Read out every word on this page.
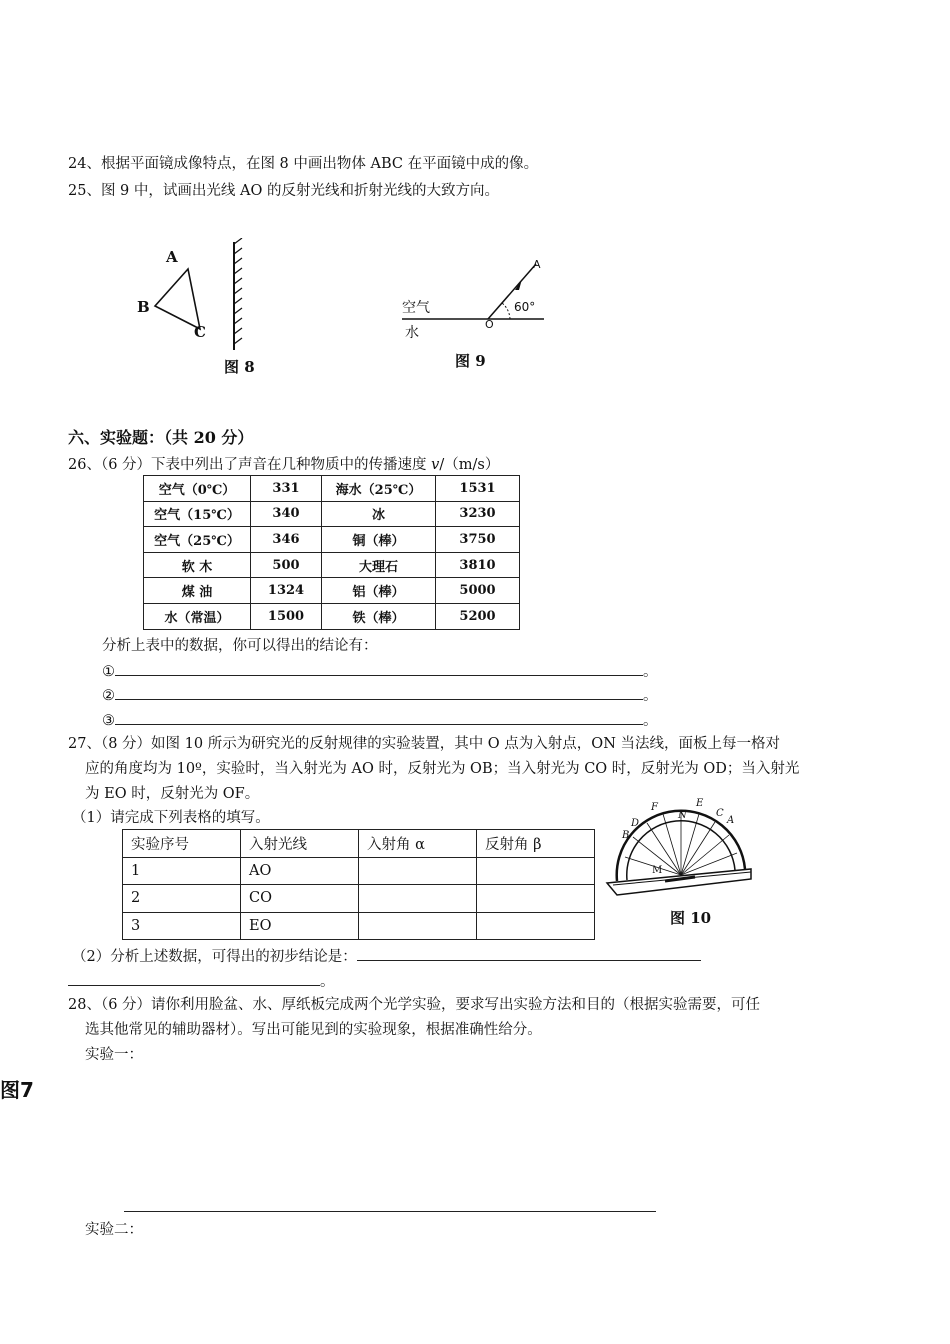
24、根据平面镜成像特点，在图 8 中画出物体 ABC 在平面镜中成的像。
25、图 9 中，试画出光线 AO 的反射光线和折射光线的大致方向。
A
B
C
图 8
空气
水
A
O
60°
图 9
六、实验题：（共 20 分）
26、（6 分）下表中列出了声音在几种物质中的传播速度 v/（m/s）
空气（0℃）	331	海水（25℃）	1531
空气（15℃）	340	冰	3230
空气（25℃）	346	铜（棒）	3750
软 木	500	大理石	3810
煤 油	1324	铝（棒）	5000
水（常温）	1500	铁（棒）	5200
分析上表中的数据，你可以得出的结论有：
①	。
②	。
③	。
27、（8 分）如图 10 所示为研究光的反射规律的实验装置，其中 O 点为入射点，ON 当法线，面板上每一格对
应的角度均为 10º，实验时，当入射光为 AO 时，反射光为 OB；当入射光为 CO 时，反射光为 OD；当入射光
为 EO 时，反射光为 OF。
（1）请完成下列表格的填写。
实验序号	入射光线	入射角 α	反射角 β
1	AO		
2	CO		
3	EO		
F	E
D
C
B
A
N
M
图 10
（2）分析上述数据，可得出的初步结论是：
。
28、（6 分）请你利用脸盆、水、厚纸板完成两个光学实验，要求写出实验方法和目的（根据实验需要，可任
选其他常见的辅助器材）。写出可能见到的实验现象，根据准确性给分。
实验一：
图7
实验二：
